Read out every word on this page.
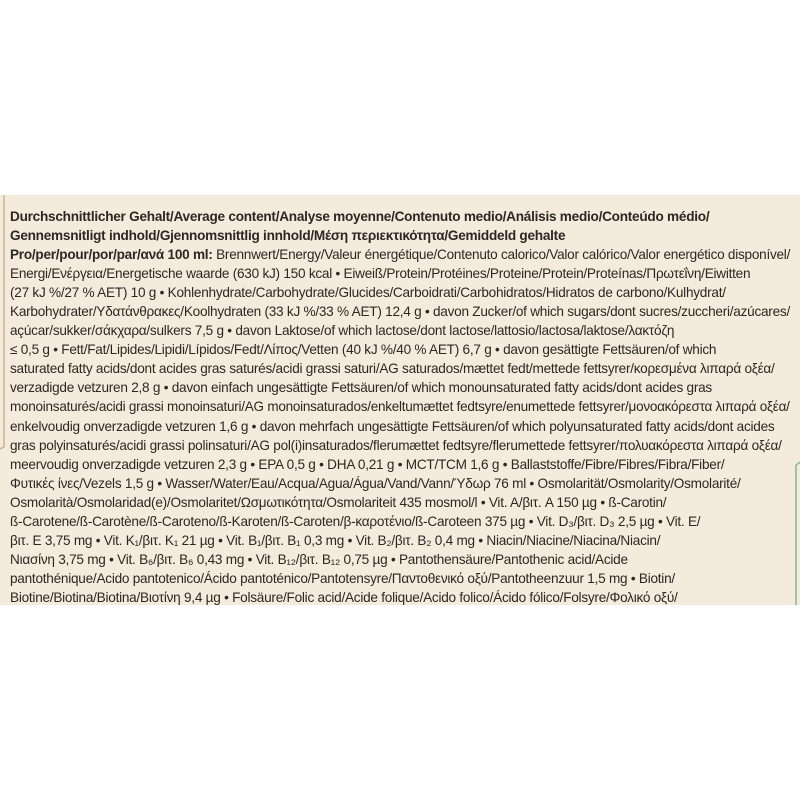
Durchschnittlicher Gehalt/Average content/Analyse moyenne/Contenuto medio/Análisis medio/Conteúdo médio/
Gennemsnitligt indhold/Gjennomsnittlig innhold/Μέση περιεκτικότητα/Gemiddeld gehalte
Pro/per/pour/por/par/ανά 100 ml: Brennwert/Energy/Valeur énergétique/Contenuto calorico/Valor calórico/Valor energético disponível/
Energi/Ενέργεια/Energetische waarde (630 kJ) 150 kcal • Eiweiß/Protein/Protéines/Proteine/Protein/Proteínas/Πρωτεΐνη/Eiwitten
(27 kJ %/27 % AET) 10 g • Kohlenhydrate/Carbohydrate/Glucides/Carboidrati/Carbohidratos/Hidratos de carbono/Kulhydrat/
Karbohydrater/Υδατάνθρακες/Koolhydraten (33 kJ %/33 % AET) 12,4 g • davon Zucker/of which sugars/dont sucres/zuccheri/azúcares/
açúcar/sukker/σάκχαρα/sulkers 7,5 g • davon Laktose/of which lactose/dont lactose/lattosio/lactosa/laktose/λακτόζη
≤ 0,5 g • Fett/Fat/Lipides/Lipidi/Lípidos/Fedt/Λίπος/Vetten (40 kJ %/40 % AET) 6,7 g • davon gesättigte Fettsäuren/of which
saturated fatty acids/dont acides gras saturés/acidi grassi saturi/AG saturados/mættet fedt/mettede fettsyrer/κορεσμένα λιπαρά οξέα/
verzadigde vetzuren 2,8 g • davon einfach ungesättigte Fettsäuren/of which monounsaturated fatty acids/dont acides gras
monoinsaturés/acidi grassi monoinsaturi/AG monoinsaturados/enkeltumættet fedtsyre/enumettede fettsyrer/μονοακόρεστα λιπαρά οξέα/
enkelvoudig onverzadigde vetzuren 1,6 g • davon mehrfach ungesättigte Fettsäuren/of which polyunsaturated fatty acids/dont acides
gras polyinsaturés/acidi grassi polinsaturi/AG pol(i)insaturados/flerumættet fedtsyre/flerumettede fettsyrer/πολυακόρεστα λιπαρά οξέα/
meervoudig onverzadigde vetzuren 2,3 g • EPA 0,5 g • DHA 0,21 g • MCT/TCM 1,6 g • Ballaststoffe/Fibre/Fibres/Fibra/Fiber/
Φυτικές ίνες/Vezels 1,5 g • Wasser/Water/Eau/Acqua/Agua/Água/Vand/Vann/Ύδωρ 76 ml • Osmolarität/Osmolarity/Osmolarité/
Osmolarità/Osmolaridad(e)/Osmolaritet/Ωσμωτικότητα/Osmolariteit 435 mosmol/l • Vit. A/βιτ. A 150 µg • ß-Carotin/
ß-Carotene/ß-Carotène/ß-Caroteno/ß-Karoten/ß-Caroten/β-καροτένιο/ß-Caroteen 375 µg • Vit. D₃/βιτ. D₃ 2,5 µg • Vit. E/
βιτ. E 3,75 mg • Vit. K₁/βιτ. K₁ 21 µg • Vit. B₁/βιτ. B₁ 0,3 mg • Vit. B₂/βιτ. B₂ 0,4 mg • Niacin/Niacine/Niacina/Niacin/
Νιασίνη 3,75 mg • Vit. B₆/βιτ. B₆ 0,43 mg • Vit. B₁₂/βιτ. B₁₂ 0,75 µg • Pantothensäure/Pantothenic acid/Acide
pantothénique/Acido pantotenico/Ácido pantoténico/Pantotensyre/Παντοθενικό οξύ/Pantotheenzuur 1,5 mg • Biotin/
Biotine/Biotina/Biotina/Βιοτίνη 9,4 µg • Folsäure/Folic acid/Acide folique/Acido folico/Ácido fólico/Folsyre/Φολικό οξύ/
